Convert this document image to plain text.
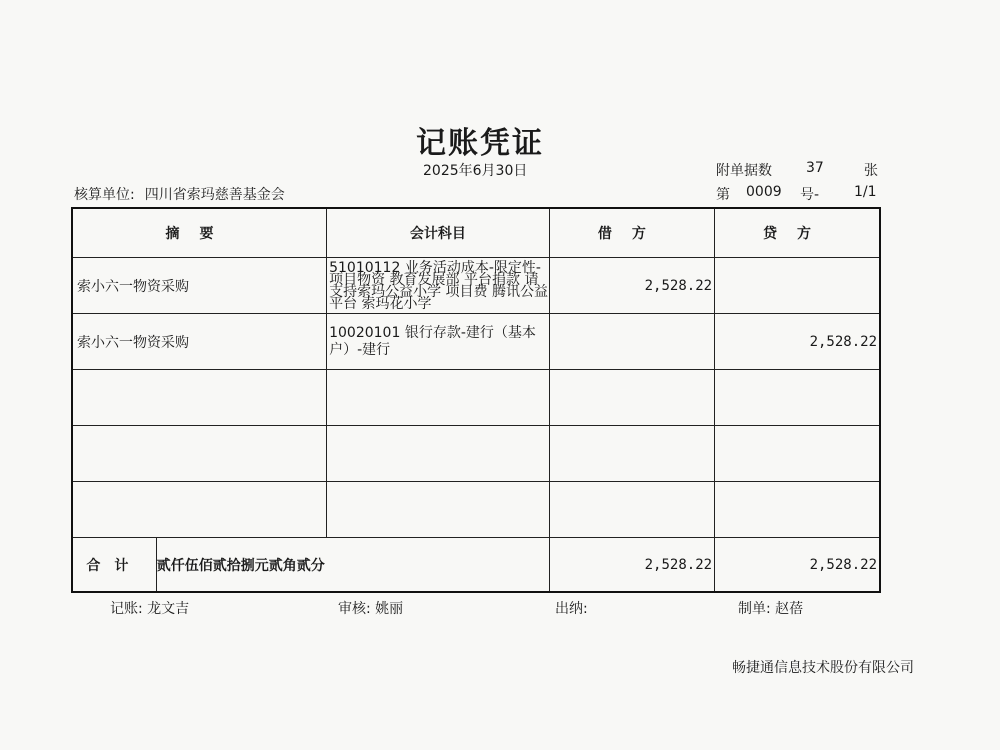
记账凭证
2025年6月30日	附单据数 37	张
核算单位: 四川省索玛慈善基金会	第 0009 号- 1/1
摘要		会计科目	借方	贷方
索小六一物资采购		51010112 业务活动成本-限定性-项目物资 教育发展部 平台捐款 请支持索玛公益小学 项目费 腾讯公益平台 索玛花小学	2,528.22	
索小六一物资采购		10020101 银行存款-建行（基本户）-建行		2,528.22

合计	贰仟伍佰贰拾捌元贰角贰分		2,528.22	2,528.22
记账: 龙文吉	审核: 姚丽	出纳:	制单: 赵蓓
畅捷通信息技术股份有限公司
